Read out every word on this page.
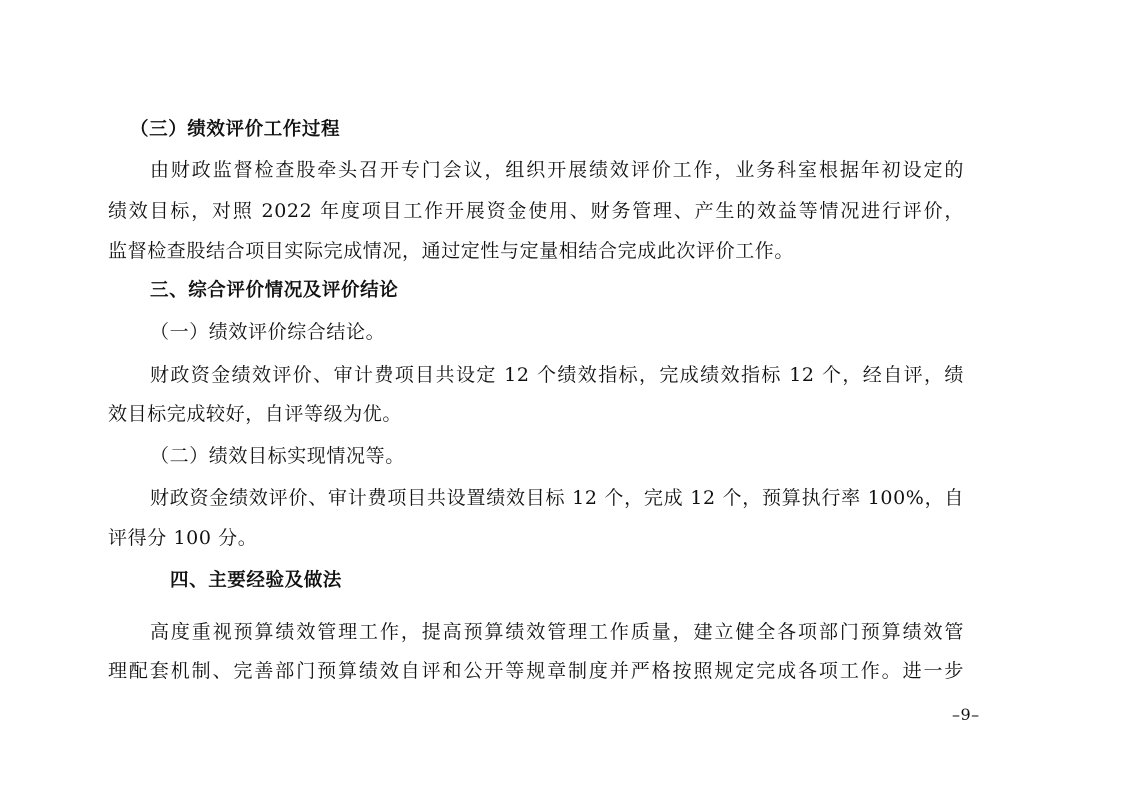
（三）绩效评价工作过程
由财政监督检查股牵头召开专门会议，组织开展绩效评价工作，业务科室根据年初设定的
绩效目标，对照 2022 年度项目工作开展资金使用、财务管理、产生的效益等情况进行评价，
监督检查股结合项目实际完成情况，通过定性与定量相结合完成此次评价工作。
三、综合评价情况及评价结论
（一）绩效评价综合结论。
财政资金绩效评价、审计费项目共设定 12 个绩效指标，完成绩效指标 12 个，经自评，绩
效目标完成较好，自评等级为优。
（二）绩效目标实现情况等。
财政资金绩效评价、审计费项目共设置绩效目标 12 个，完成 12 个，预算执行率 100%，自
评得分 100 分。
四、主要经验及做法
高度重视预算绩效管理工作，提高预算绩效管理工作质量，建立健全各项部门预算绩效管
理配套机制、完善部门预算绩效自评和公开等规章制度并严格按照规定完成各项工作。进一步
–9–
